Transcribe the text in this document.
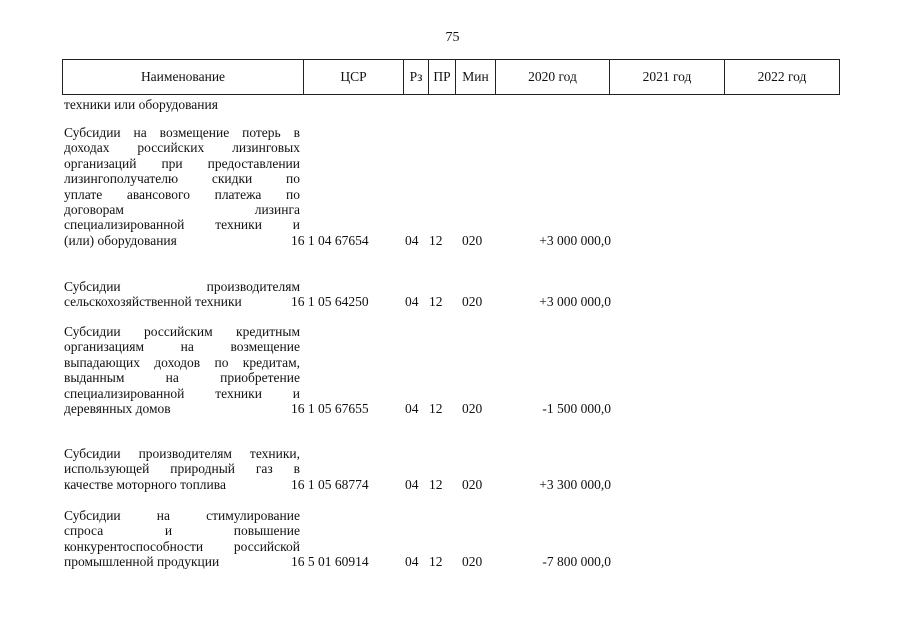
75
Наименование	ЦСР	Рз ПР Мин	2020 год	2021 год	2022 год
техники или оборудования
Субсидии на возмещение потерь в
доходах российских лизинговых
организаций при предоставлении
лизингополучателю скидки по
уплате авансового платежа по
договорам лизинга
специализированной техники и
(или) оборудования	16 1 04 67654	04 12 020	+3 000 000,0
Субсидии производителям
сельскохозяйственной техники	16 1 05 64250	04 12 020	+3 000 000,0
Субсидии российским кредитным
организациям на возмещение
выпадающих доходов по кредитам,
выданным на приобретение
специализированной техники и
деревянных домов	16 1 05 67655	04 12 020	-1 500 000,0
Субсидии производителям техники,
использующей природный газ в
качестве моторного топлива	16 1 05 68774	04 12 020	+3 300 000,0
Субсидии на стимулирование
спроса и повышение
конкурентоспособности российской
промышленной продукции	16 5 01 60914	04 12 020	-7 800 000,0
